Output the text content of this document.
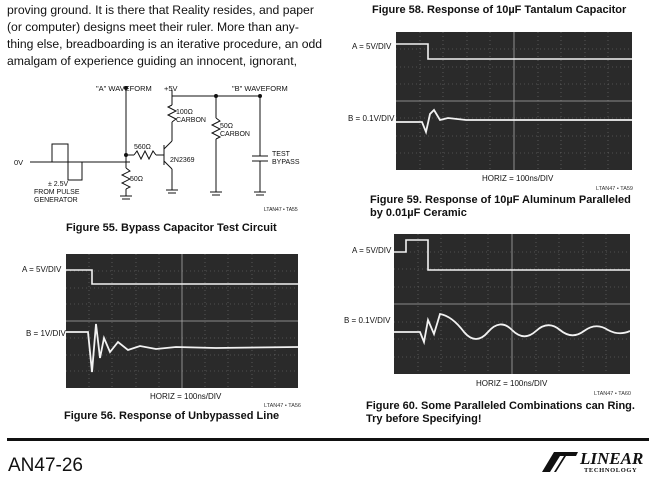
proving ground. It is there that Reality resides, and paper

(or computer) designs meet their ruler. More than any-

thing else, breadboarding is an iterative procedure, an odd

amalgam of experience guiding an innocent, ignorant,

"A" WAVEFORM	"B" WAVEFORM
+5V
0V
± 2.5V
FROM PULSE
GENERATOR
560Ω
50Ω
100Ω
CARBON
50Ω
CARBON
2N2369
TEST
BYPASS
LTAN47 • TA55
Figure 55. Bypass Capacitor Test Circuit
A = 5V/DIV
B = 1V/DIV
HORIZ = 100ns/DIV
LTAN47 • TA56
Figure 56. Response of Unbypassed Line
Figure 58. Response of 10µF Tantalum Capacitor
A = 5V/DIV
B = 0.1V/DIV
HORIZ = 100ns/DIV
LTAN47 • TA59
Figure 59. Response of 10µF Aluminum Paralleled
by 0.01µF Ceramic
A = 5V/DIV
B = 0.1V/DIV
HORIZ = 100ns/DIV
LTAN47 • TA60
Figure 60. Some Paralleled Combinations can Ring.
Try before Specifying!
AN47-26	LINEAR
TECHNOLOGY
